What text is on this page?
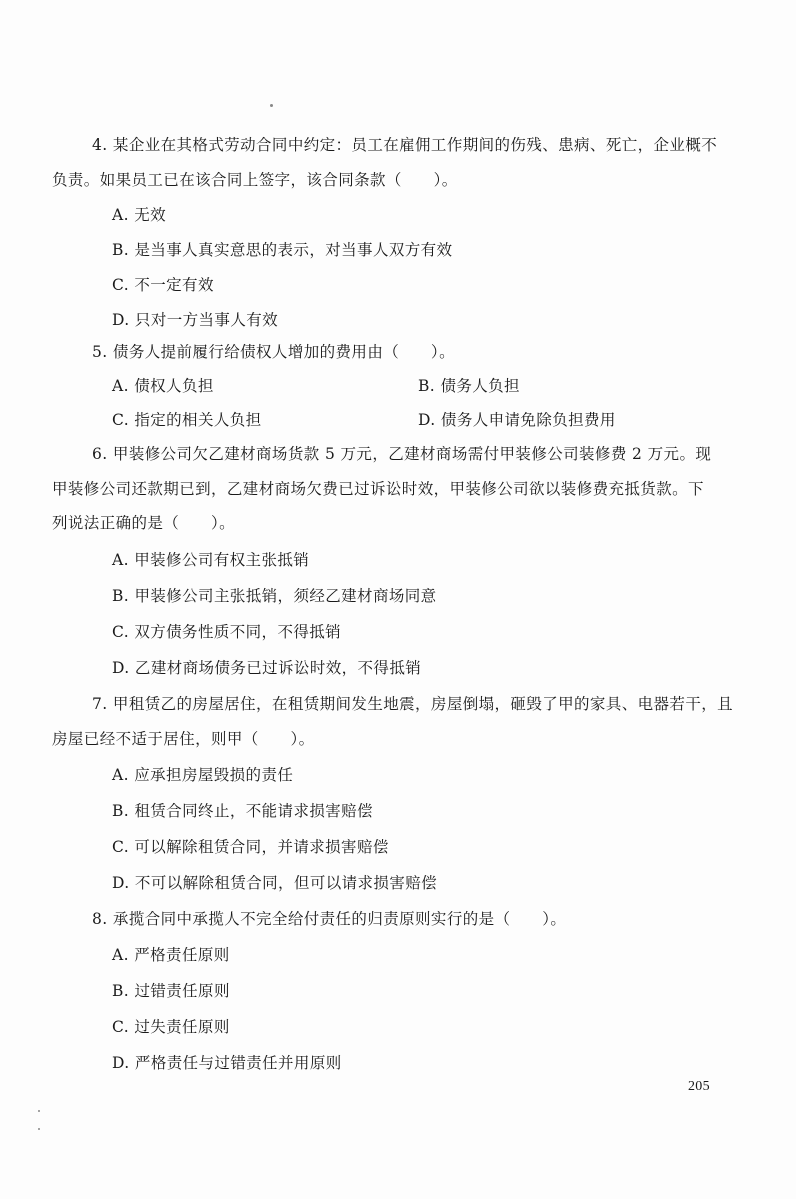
4. 某企业在其格式劳动合同中约定：员工在雇佣工作期间的伤残、患病、死亡，企业概不
负责。如果员工已在该合同上签字，该合同条款（　　）。
A. 无效
B. 是当事人真实意思的表示，对当事人双方有效
C. 不一定有效
D. 只对一方当事人有效
5. 债务人提前履行给债权人增加的费用由（　　）。
A. 债权人负担	B. 债务人负担
C. 指定的相关人负担	D. 债务人申请免除负担费用
6. 甲装修公司欠乙建材商场货款 5 万元，乙建材商场需付甲装修公司装修费 2 万元。现
甲装修公司还款期已到，乙建材商场欠费已过诉讼时效，甲装修公司欲以装修费充抵货款。下
列说法正确的是（　　）。
A. 甲装修公司有权主张抵销
B. 甲装修公司主张抵销，须经乙建材商场同意
C. 双方债务性质不同，不得抵销
D. 乙建材商场债务已过诉讼时效，不得抵销
7. 甲租赁乙的房屋居住，在租赁期间发生地震，房屋倒塌，砸毁了甲的家具、电器若干，且
房屋已经不适于居住，则甲（　　）。
A. 应承担房屋毁损的责任
B. 租赁合同终止，不能请求损害赔偿
C. 可以解除租赁合同，并请求损害赔偿
D. 不可以解除租赁合同，但可以请求损害赔偿
8. 承揽合同中承揽人不完全给付责任的归责原则实行的是（　　）。
A. 严格责任原则
B. 过错责任原则
C. 过失责任原则
D. 严格责任与过错责任并用原则
205
